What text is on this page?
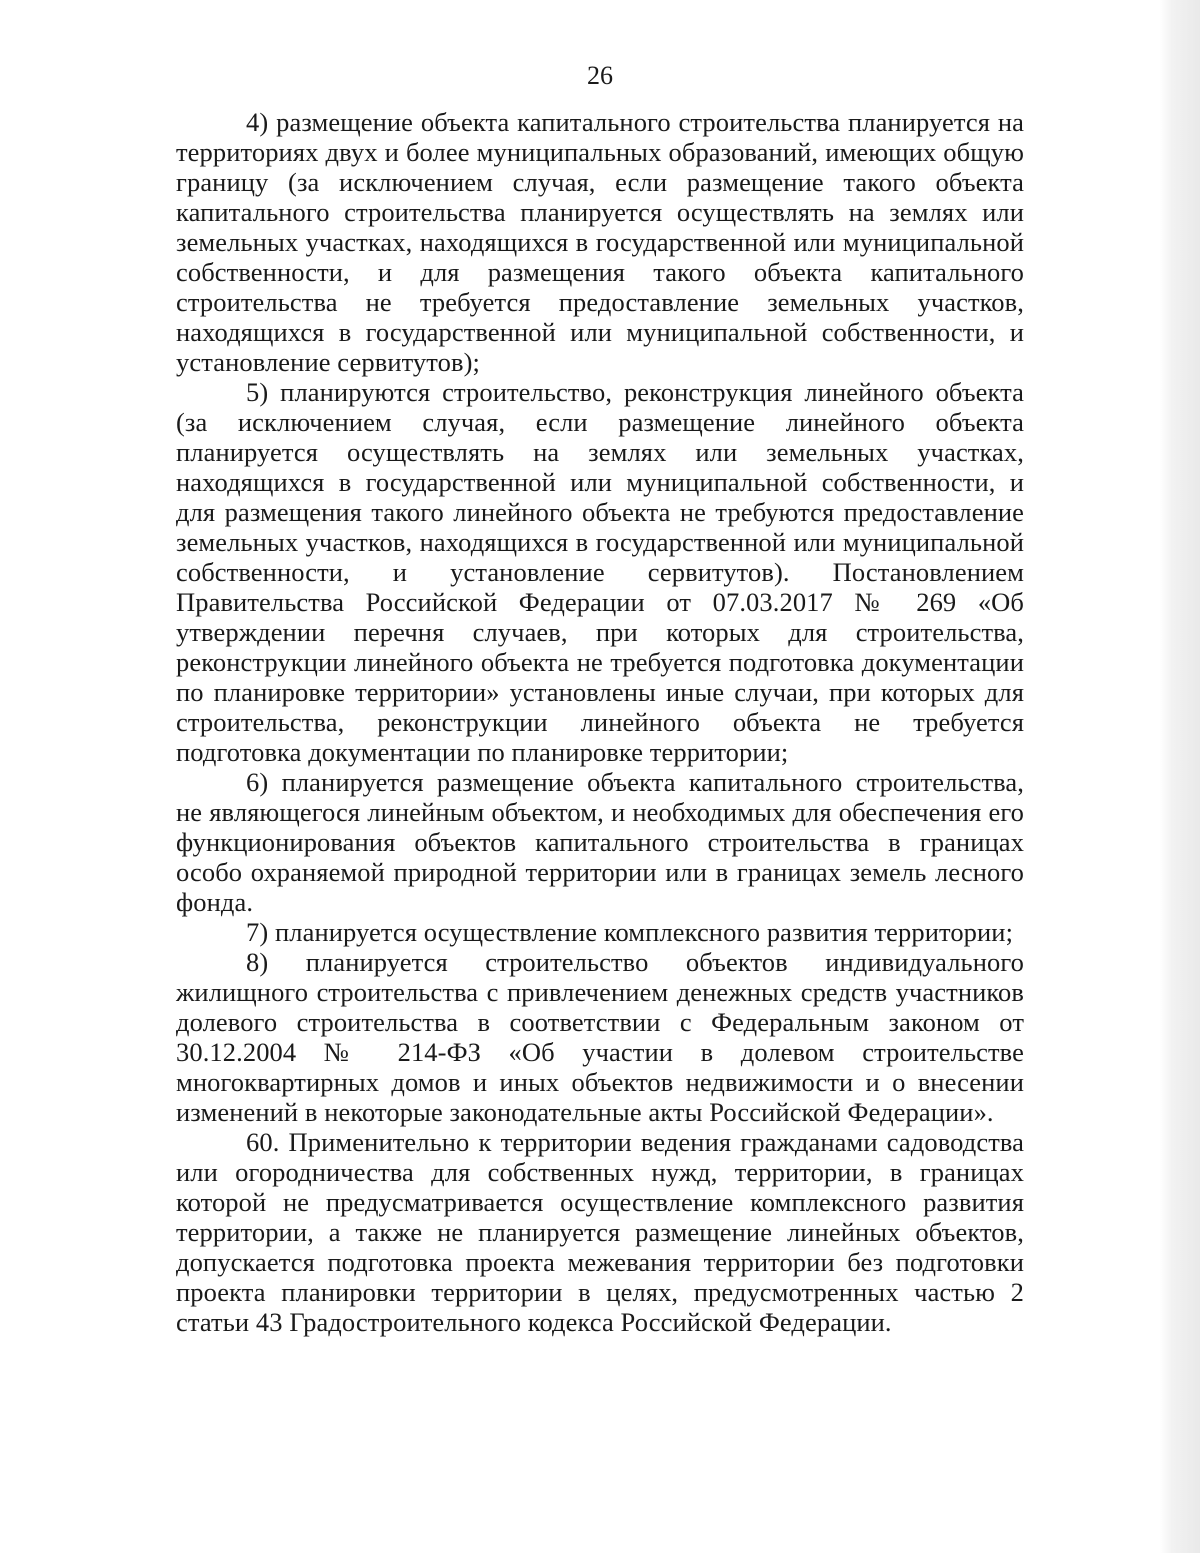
26

4) размещение объекта капитального строительства планируется на территориях двух и более муниципальных образований, имеющих общую границу (за исключением случая, если размещение такого объекта капитального строительства планируется осуществлять на землях или земельных участках, находящихся в государственной или муниципальной собственности, и для размещения такого объекта капитального строительства не требуется предоставление земельных участков, находящихся в государственной или муниципальной собственности, и установление сервитутов);

5) планируются строительство, реконструкция линейного объекта (за исключением случая, если размещение линейного объекта планируется осуществлять на землях или земельных участках, находящихся в государственной или муниципальной собственности, и для размещения такого линейного объекта не требуются предоставление земельных участков, находящихся в государственной или муниципальной собственности, и установление сервитутов). Постановлением Правительства Российской Федерации от 07.03.2017 № 269 «Об утверждении перечня случаев, при которых для строительства, реконструкции линейного объекта не требуется подготовка документации по планировке территории» установлены иные случаи, при которых для строительства, реконструкции линейного объекта не требуется подготовка документации по планировке территории;

6) планируется размещение объекта капитального строительства, не являющегося линейным объектом, и необходимых для обеспечения его функционирования объектов капитального строительства в границах особо охраняемой природной территории или в границах земель лесного фонда.

7) планируется осуществление комплексного развития территории;

8) планируется строительство объектов индивидуального жилищного строительства с привлечением денежных средств участников долевого строительства в соответствии с Федеральным законом от 30.12.2004 № 214-ФЗ «Об участии в долевом строительстве многоквартирных домов и иных объектов недвижимости и о внесении изменений в некоторые законодательные акты Российской Федерации».

60. Применительно к территории ведения гражданами садоводства или огородничества для собственных нужд, территории, в границах которой не предусматривается осуществление комплексного развития территории, а также не планируется размещение линейных объектов, допускается подготовка проекта межевания территории без подготовки проекта планировки территории в целях, предусмотренных частью 2 статьи 43 Градостроительного кодекса Российской Федерации.
